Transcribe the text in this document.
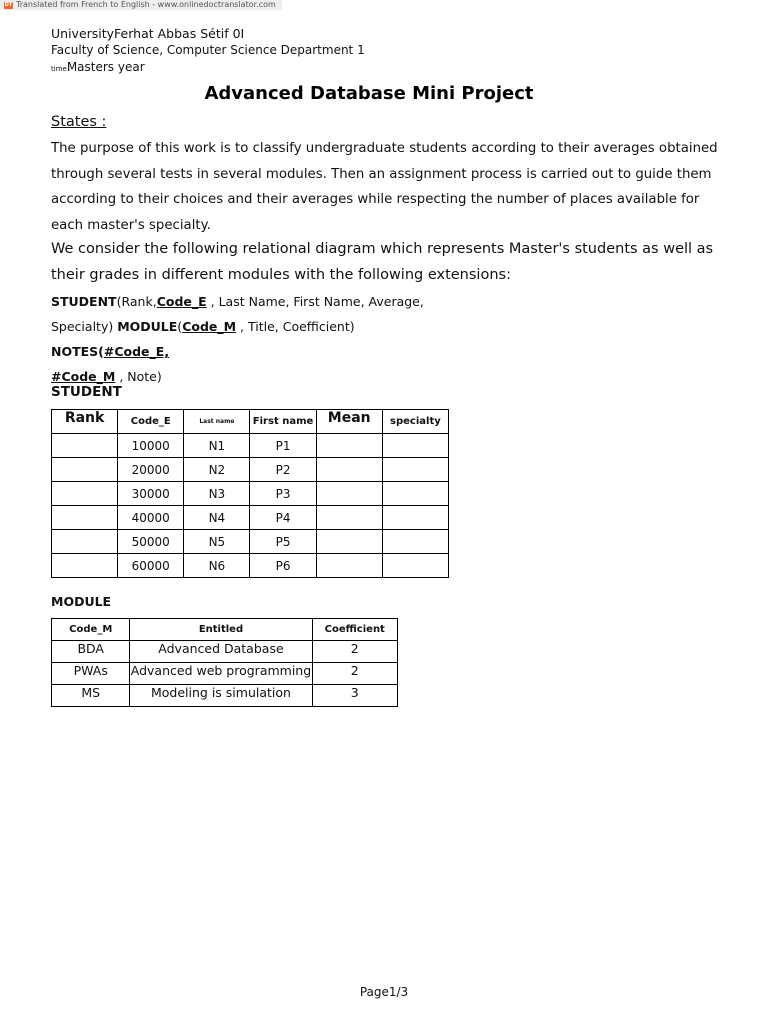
DT Translated from French to English - www.onlinedoctranslator.com
UniversityFerhat Abbas Sétif 0I
Faculty of Science, Computer Science Department 1
timeMasters year
Advanced Database Mini Project
States :
The purpose of this work is to classify undergraduate students according to their averages obtained through several tests in several modules. Then an assignment process is carried out to guide them according to their choices and their averages while respecting the number of places available for each master's specialty.
We consider the following relational diagram which represents Master's students as well as their grades in different modules with the following extensions:
STUDENT(Rank,Code_E , Last Name, First Name, Average,
Specialty) MODULE(Code_M , Title, Coefficient) NOTES(#Code_E,
#Code_M , Note)
STUDENT
Rank	Code_E	Last name	First name	Mean	specialty
	10000	N1	P1		
	20000	N2	P2		
	30000	N3	P3		
	40000	N4	P4		
	50000	N5	P5		
	60000	N6	P6		
MODULE
Code_M	Entitled	Coefficient
BDA	Advanced Database	2
PWAs	Advanced web programming	2
MS	Modeling is simulation	3
Page1/3
